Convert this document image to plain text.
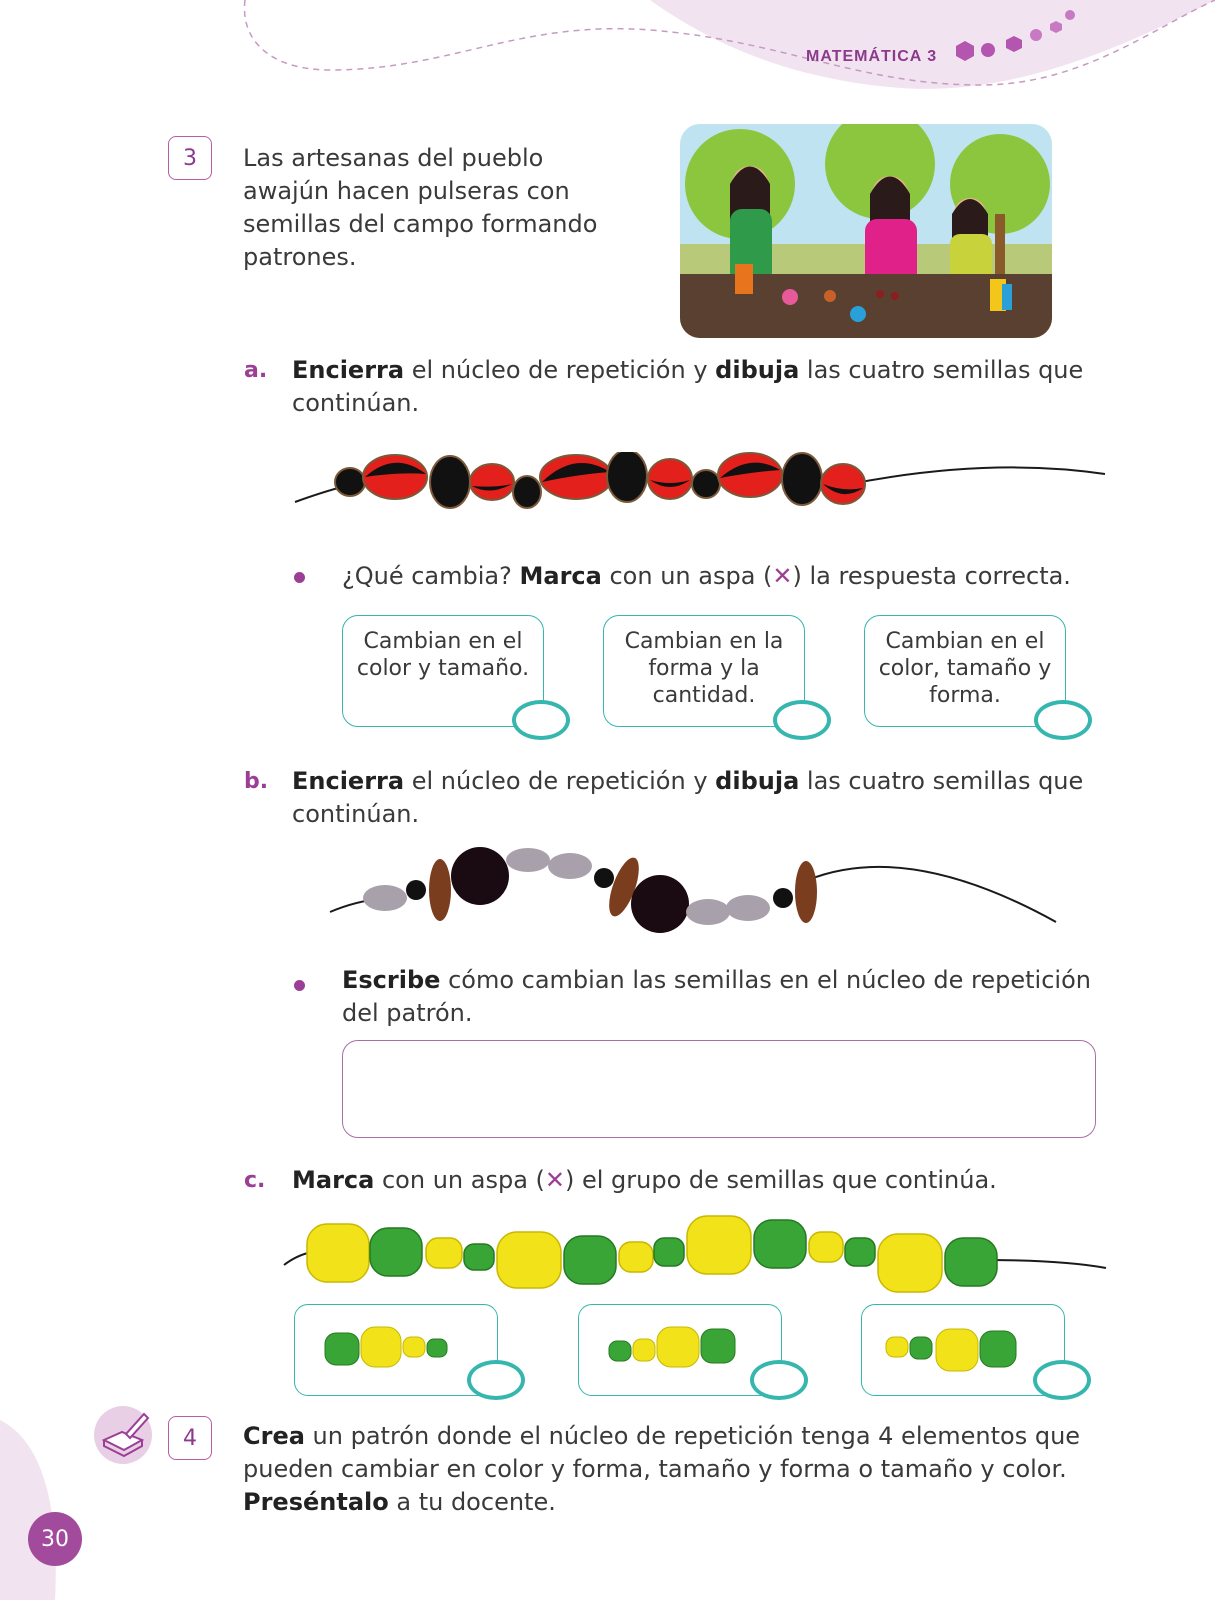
MATEMÁTICA 3
3	Las artesanas del pueblo awajún hacen pulseras con semillas del campo formando patrones.
a. Encierra el núcleo de repetición y dibuja las cuatro semillas que continúan.
¿Qué cambia? Marca con un aspa (✕) la respuesta correcta.
Cambian en el color y tamaño.
Cambian en la forma y la cantidad.
Cambian en el color, tamaño y forma.
b. Encierra el núcleo de repetición y dibuja las cuatro semillas que continúan.
Escribe cómo cambian las semillas en el núcleo de repetición del patrón.
c. Marca con un aspa (✕) el grupo de semillas que continúa.
4	Crea un patrón donde el núcleo de repetición tenga 4 elementos que pueden cambiar en color y forma, tamaño y forma o tamaño y color. Preséntalo a tu docente.
30
